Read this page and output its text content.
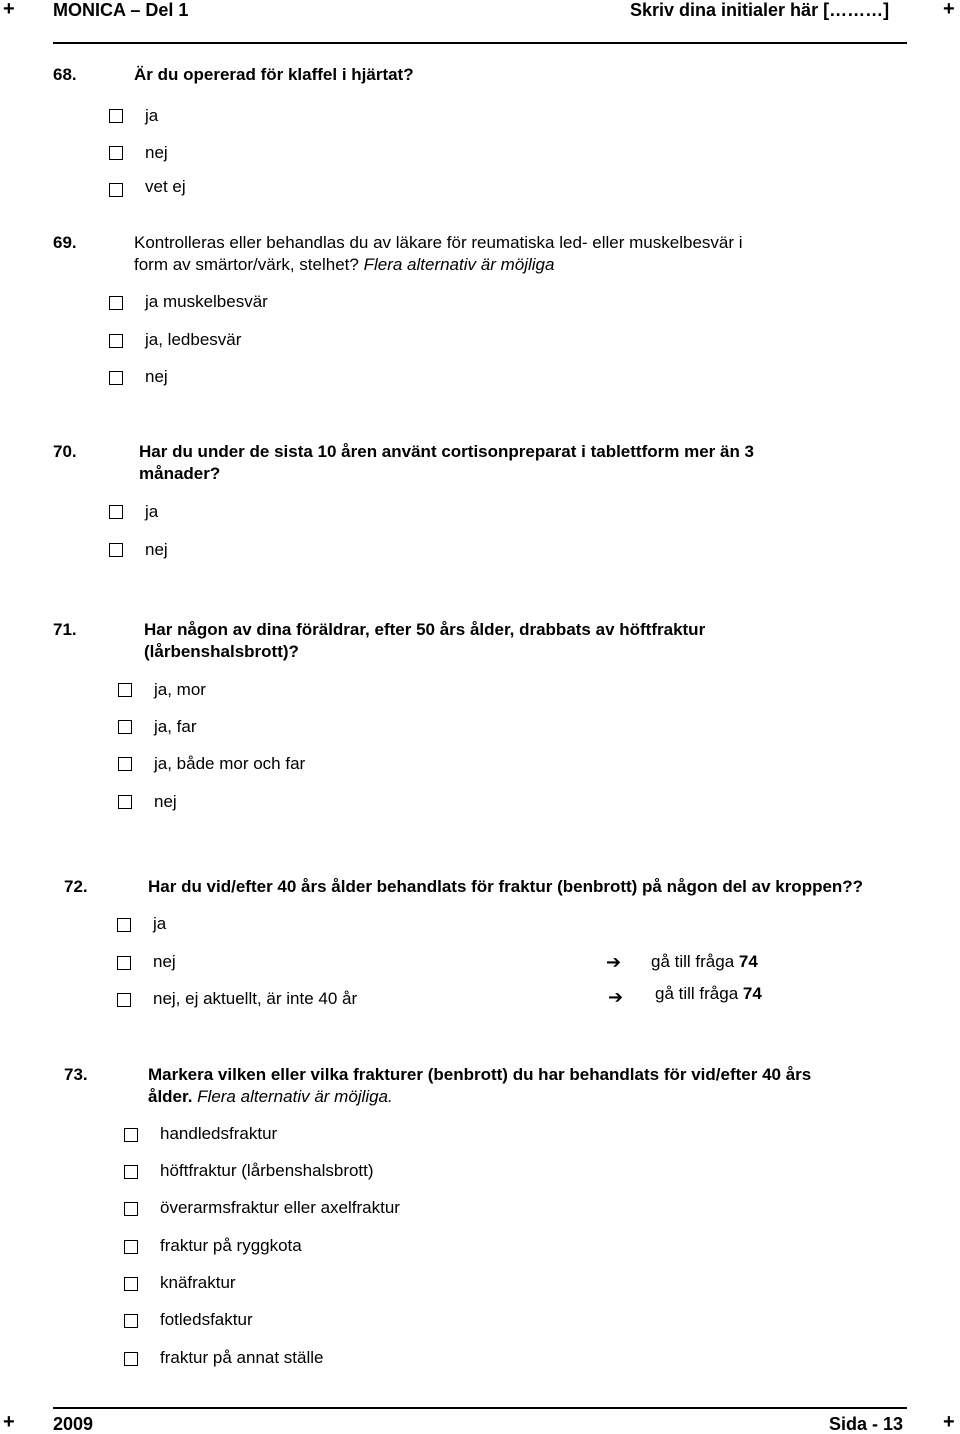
+ MONICA – Del 1	Skriv dina initialer här [………]	+
68.	Är du opererad för klaffel i hjärtat?
ja
nej
vet ej
69.	Kontrolleras eller behandlas du av läkare för reumatiska led- eller muskelbesvär i
form av smärtor/värk, stelhet? Flera alternativ är möjliga
ja muskelbesvär
ja, ledbesvär
nej
70.	Har du under de sista 10 åren använt cortisonpreparat i tablettform mer än 3
månader?
ja
nej
71.	Har någon av dina föräldrar, efter 50 års ålder, drabbats av höftfraktur
(lårbenshalsbrott)?
ja, mor
ja, far
ja, både mor och far
nej
72.	Har du vid/efter 40 års ålder behandlats för fraktur (benbrott) på någon del av kroppen??
ja
nej	➔ gå till fråga 74
nej, ej aktuellt, är inte 40 år	➔ gå till fråga 74
73.	Markera vilken eller vilka frakturer (benbrott) du har behandlats för vid/efter 40 års
ålder. Flera alternativ är möjliga.
handledsfraktur
höftfraktur (lårbenshalsbrott)
överarmsfraktur eller axelfraktur
fraktur på ryggkota
knäfraktur
fotledsfaktur
fraktur på annat ställe
+ 2009	Sida - 13 +
